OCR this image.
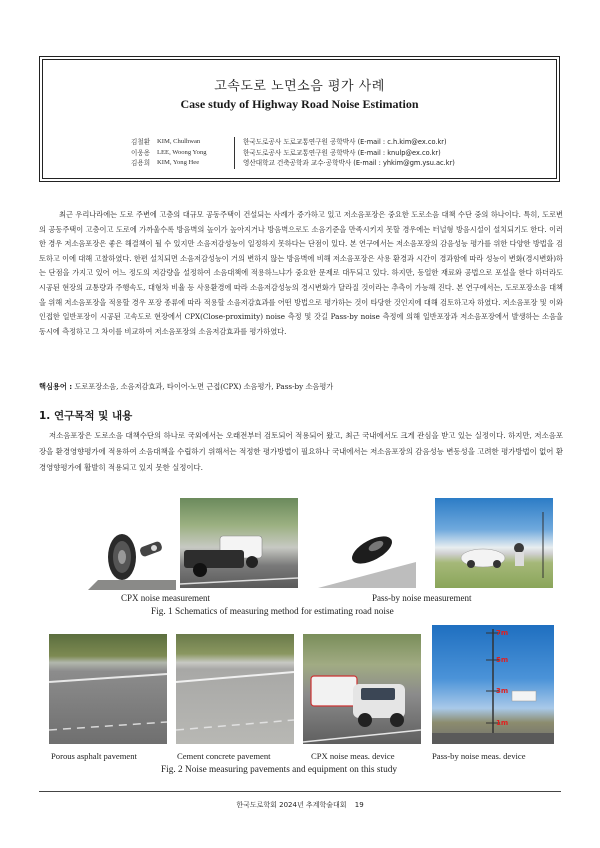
고속도로 노면소음 평가 사례
Case study of Highway Road Noise Estimation
김철환	KIM, Chulhwan	한국도로공사 도로교통연구원 공학박사 (E-mail : c.h.kim@ex.co.kr)
이웅용	LEE, Woong Yong	한국도로공사 도로교통연구원 공학박사 (E-mail : knulp@ex.co.kr)
김용희	KIM, Yong Hee	영산대학교 건축공학과 교수·공학박사 (E-mail : yhkim@gm.ysu.ac.kr)

최근 우리나라에는 도로 주변에 고층의 대규모 공동주택이 건설되는 사례가 증가하고 있고 저소음포장은 중요한 도로소음 대책 수단 중의 하나이다. 특히, 도로변의 공동주택이 고층이고 도로에 가까울수록 방음벽의 높이가 높아지거나 방음벽으로도 소음기준을 만족시키지 못할 경우에는 터널형 방음시설이 설치되기도 한다. 이러한 경우 저소음포장은 좋은 해결책이 될 수 있지만 소음저감성능이 일정하지 못하다는 단점이 있다. 본 연구에서는 저소음포장의 감음성능 평가를 위한 다양한 방법을 검토하고 이에 대해 고찰하였다. 한편 설치되면 소음저감성능이 거의 변하지 않는 방음벽에 비해 저소음포장은 사용 환경과 시간이 경과함에 따라 성능이 변화(경시변화)하는 단점을 가지고 있어 어느 정도의 저감량을 설정하여 소음대책에 적용하느냐가 중요한 문제로 대두되고 있다. 하지만, 동일한 재료와 공법으로 포설을 한다 하더라도 시공된 현장의 교통량과 주행속도, 대형차 비율 등 사용환경에 따라 소음저감성능의 경시변화가 달라질 것이라는 추측이 가능해 진다. 본 연구에서는, 도로포장소음 대책을 위해 저소음포장을 적용할 경우 포장 종류에 따라 적용할 소음저감효과를 어떤 방법으로 평가하는 것이 타당한 것인지에 대해 검토하고자 하였다. 저소음포장 및 이와 인접한 일반포장이 시공된 고속도로 현장에서 CPX(Close-proximity) noise 측정 및 갓길 Pass-by noise 측정에 의해 일반포장과 저소음포장에서 발생하는 소음을 동시에 측정하고 그 차이를 비교하여 저소음포장의 소음저감효과를 평가하였다.

핵심용어 : 도로포장소음, 소음저감효과, 타이어-노면 근접(CPX) 소음평가, Pass-by 소음평가

1. 연구목적 및 내용

저소음포장은 도로소음 대책수단의 하나로 국외에서는 오래전부터 검토되어 적용되어 왔고, 최근 국내에서도 크게 관심을 받고 있는 실정이다. 하지만, 저소음포장을 환경영향평가에 적용하여 소음대책을 수립하기 위해서는 적정한 평가방법이 필요하나 국내에서는 저소음포장의 감음성능 변동성을 고려한 평가방법이 없어 환경영향평가에 활발히 적용되고 있지 못한 실정이다.

CPX noise measurement	Pass-by noise measurement
Fig. 1 Schematics of measuring method for estimating road noise
7m
5m
3m
1m
Porous asphalt pavement	Cement concrete pavement	CPX noise meas. device	Pass-by noise meas. device
Fig. 2 Noise measuring pavements and equipment on this study
한국도로학회 2024년 추계학술대회 19
